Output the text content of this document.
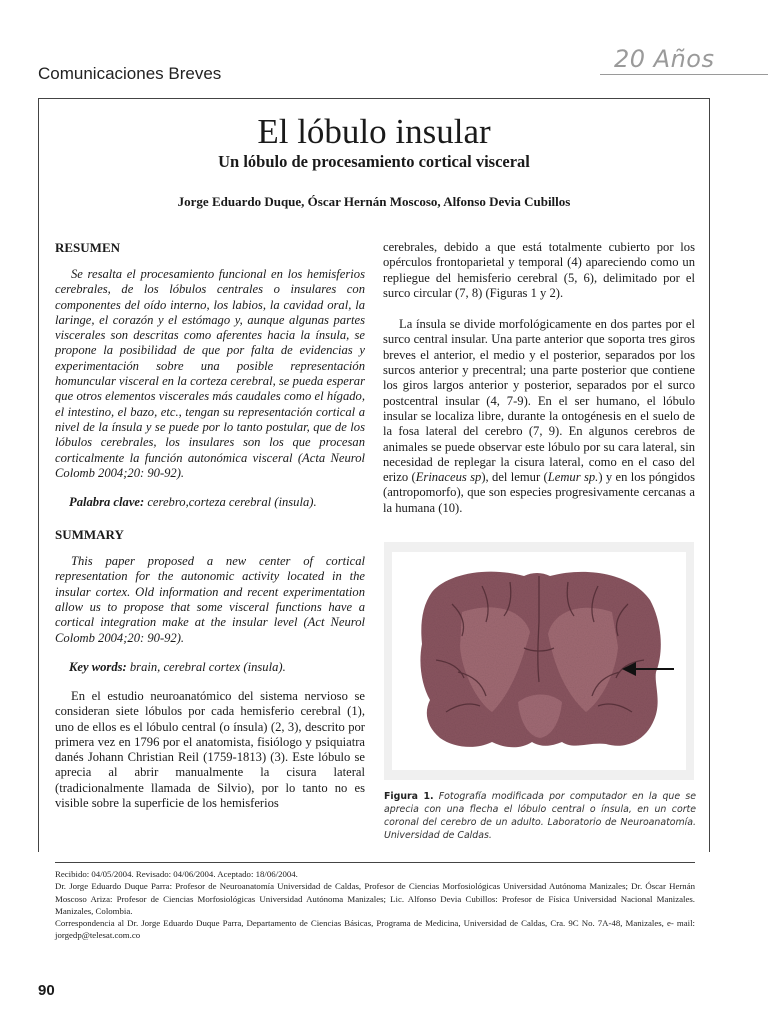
Comunicaciones Breves
20 Años
El lóbulo insular
Un lóbulo de procesamiento cortical visceral
Jorge Eduardo Duque, Óscar Hernán Moscoso, Alfonso Devia Cubillos
RESUMEN

Se resalta el procesamiento funcional en los hemisferios cerebrales, de los lóbulos centrales o insulares con componentes del oído interno, los labios, la cavidad oral, la laringe, el corazón y el estómago y, aunque algunas partes viscerales son descritas como aferentes hacia la ínsula, se propone la posibilidad de que por falta de evidencias y experimentación sobre una posible representación homuncular visceral en la corteza cerebral, se pueda esperar que otros elementos viscerales más caudales como el hígado, el intestino, el bazo, etc., tengan su representación cortical a nivel de la ínsula y se puede por lo tanto postular, que de los lóbulos cerebrales, los insulares son los que procesan corticalmente la función autonómica visceral (Acta Neurol Colomb 2004;20: 90-92).

Palabra clave: cerebro,corteza cerebral (insula).
SUMMARY

This paper proposed a new center of cortical representation for the autonomic activity located in the insular cortex. Old information and recent experimentation allow us to propose that some visceral functions have a cortical integration make at the insular level (Act Neurol Colomb 2004;20: 90-92).

Key words: brain, cerebral cortex (insula).

En el estudio neuroanatómico del sistema nervioso se consideran siete lóbulos por cada hemisferio cerebral (1), uno de ellos es el lóbulo central (o ínsula) (2, 3), descrito por primera vez en 1796 por el anatomista, fisiólogo y psiquiatra danés Johann Christian Reil (1759-1813) (3). Este lóbulo se aprecia al abrir manualmente la cisura lateral (tradicionalmente llamada de Silvio), por lo tanto no es visible sobre la superficie de los hemisferios

cerebrales, debido a que está totalmente cubierto por los opérculos frontoparietal y temporal (4) apareciendo como un repliegue del hemisferio cerebral (5, 6), delimitado por el surco circular (7, 8) (Figuras 1 y 2).

La ínsula se divide morfológicamente en dos partes por el surco central insular. Una parte anterior que soporta tres giros breves el anterior, el medio y el posterior, separados por los surcos anterior y precentral; una parte posterior que contiene los giros largos anterior y posterior, separados por el surco postcentral insular (4, 7-9). En el ser humano, el lóbulo insular se localiza libre, durante la ontogénesis en el suelo de la fosa lateral del cerebro (7, 9). En algunos cerebros de animales se puede observar este lóbulo por su cara lateral, sin necesidad de replegar la cisura lateral, como en el caso del erizo (Erinaceus sp), del lemur (Lemur sp.) y en los póngidos (antropomorfo), que son especies progresivamente cercanas a la humana (10).

Figura 1. Fotografía modificada por computador en la que se aprecia con una flecha el lóbulo central o ínsula, en un corte coronal del cerebro de un adulto. Laboratorio de Neuroanatomía. Universidad de Caldas.
Recibido: 04/05/2004. Revisado: 04/06/2004. Aceptado: 18/06/2004.
Dr. Jorge Eduardo Duque Parra: Profesor de Neuroanatomía Universidad de Caldas, Profesor de Ciencias Morfosiológicas Universidad Autónoma Manizales; Dr. Óscar Hernán Moscoso Ariza: Profesor de Ciencias Morfosiológicas Universidad Autónoma Manizales; Lic. Alfonso Devia Cubillos: Profesor de Física Universidad Nacional Manizales. Manizales, Colombia.
Correspondencia al Dr. Jorge Eduardo Duque Parra, Departamento de Ciencias Básicas, Programa de Medicina, Universidad de Caldas, Cra. 9C No. 7A-48, Manizales, e- mail: jorgedp@telesat.com.co
90
